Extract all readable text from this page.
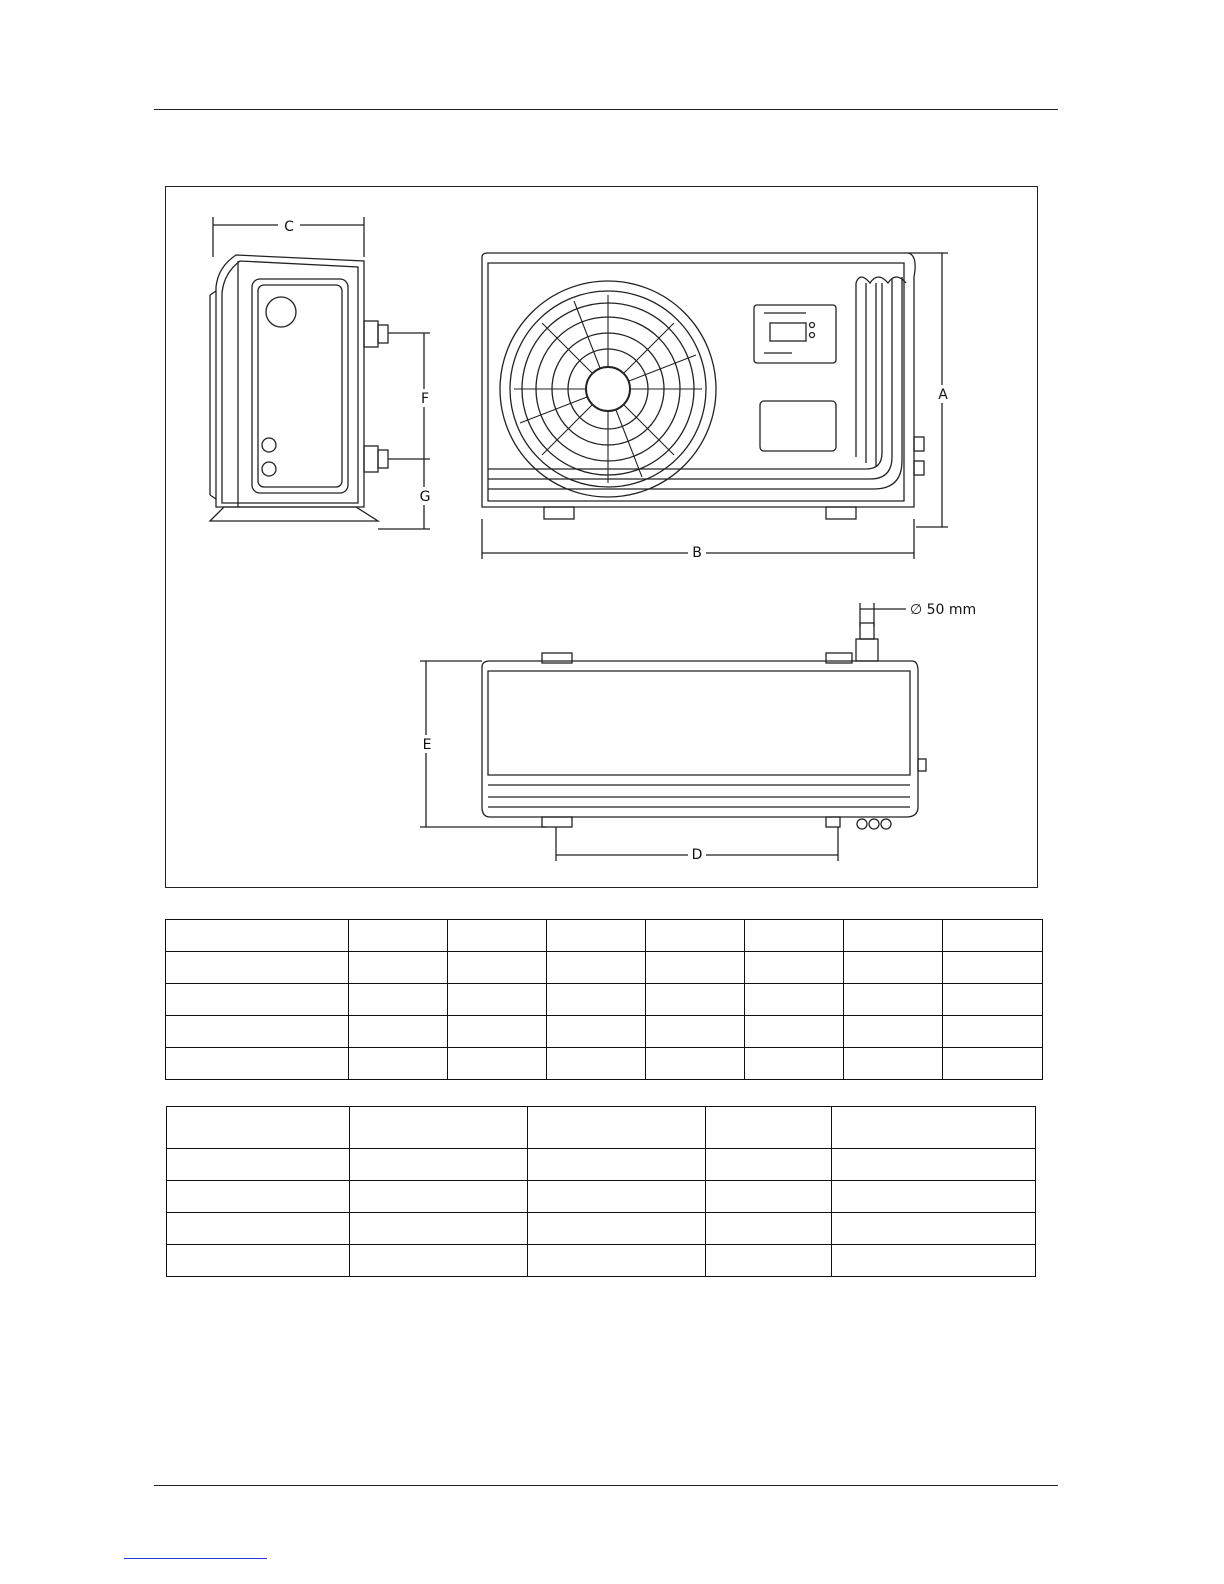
C
F
G
A
B
E
D
∅ 50 mm
